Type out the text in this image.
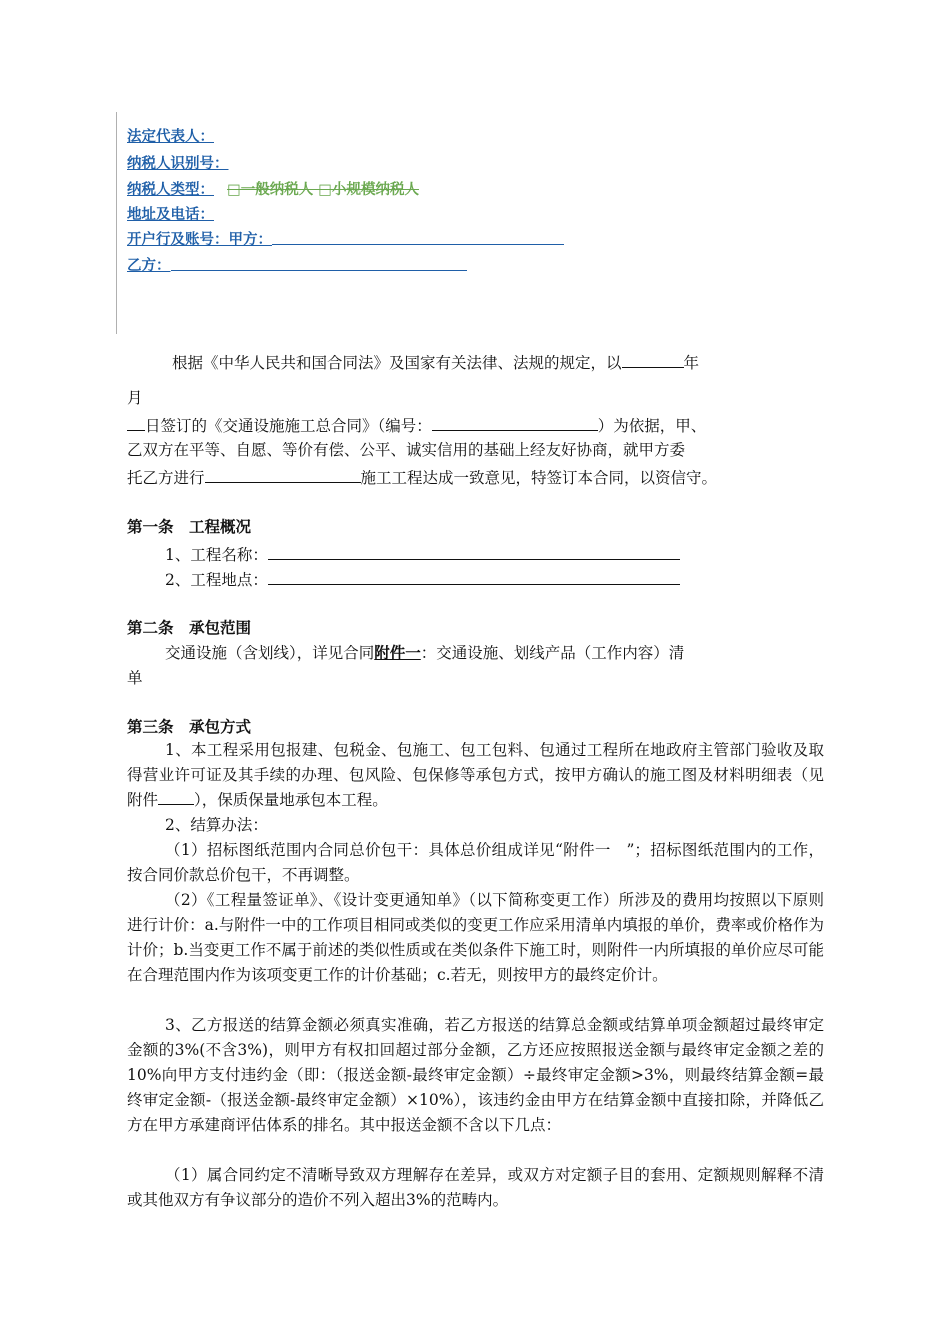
法定代表人：
纳税人识别号：
纳税人类型： □一般纳税人 □小规模纳税人
地址及电话：
开户行及账号：甲方：
乙方：
根据《中华人民共和国合同法》及国家有关法律、法规的规定，以	年
月
日签订的《交通设施施工总合同》（编号：	）为依据，甲、
乙双方在平等、自愿、等价有偿、公平、诚实信用的基础上经友好协商，就甲方委
托乙方进行	施工工程达成一致意见，特签订本合同，以资信守。
第一条　工程概况
1、工程名称：
2、工程地点：
第二条　承包范围
交通设施（含划线），详见合同附件一：交通设施、划线产品（工作内容）清
单
第三条　承包方式
1、本工程采用包报建、包税金、包施工、包工包料、包通过工程所在地政府主管部门验收及取得营业许可证及其手续的办理、包风险、包保修等承包方式，按甲方确认的施工图及材料明细表（见附件 ），保质保量地承包本工程。
2、结算办法：
（1）招标图纸范围内合同总价包干：具体总价组成详见“附件一　”；招标图纸范围内的工作，按合同价款总价包干，不再调整。
（2）《工程量签证单》、《设计变更通知单》（以下简称变更工作）所涉及的费用均按照以下原则进行计价：a.与附件一中的工作项目相同或类似的变更工作应采用清单内填报的单价，费率或价格作为计价；b.当变更工作不属于前述的类似性质或在类似条件下施工时，则附件一内所填报的单价应尽可能在合理范围内作为该项变更工作的计价基础；c.若无，则按甲方的最终定价计。
3、乙方报送的结算金额必须真实准确，若乙方报送的结算总金额或结算单项金额超过最终审定金额的3%(不含3%)，则甲方有权扣回超过部分金额，乙方还应按照报送金额与最终审定金额之差的10%向甲方支付违约金（即：（报送金额-最终审定金额）÷最终审定金额>3%，则最终结算金额=最终审定金额-（报送金额-最终审定金额）×10%），该违约金由甲方在结算金额中直接扣除，并降低乙方在甲方承建商评估体系的排名。其中报送金额不含以下几点：
（1）属合同约定不清晰导致双方理解存在差异，或双方对定额子目的套用、定额规则解释不清或其他双方有争议部分的造价不列入超出3%的范畴内。
